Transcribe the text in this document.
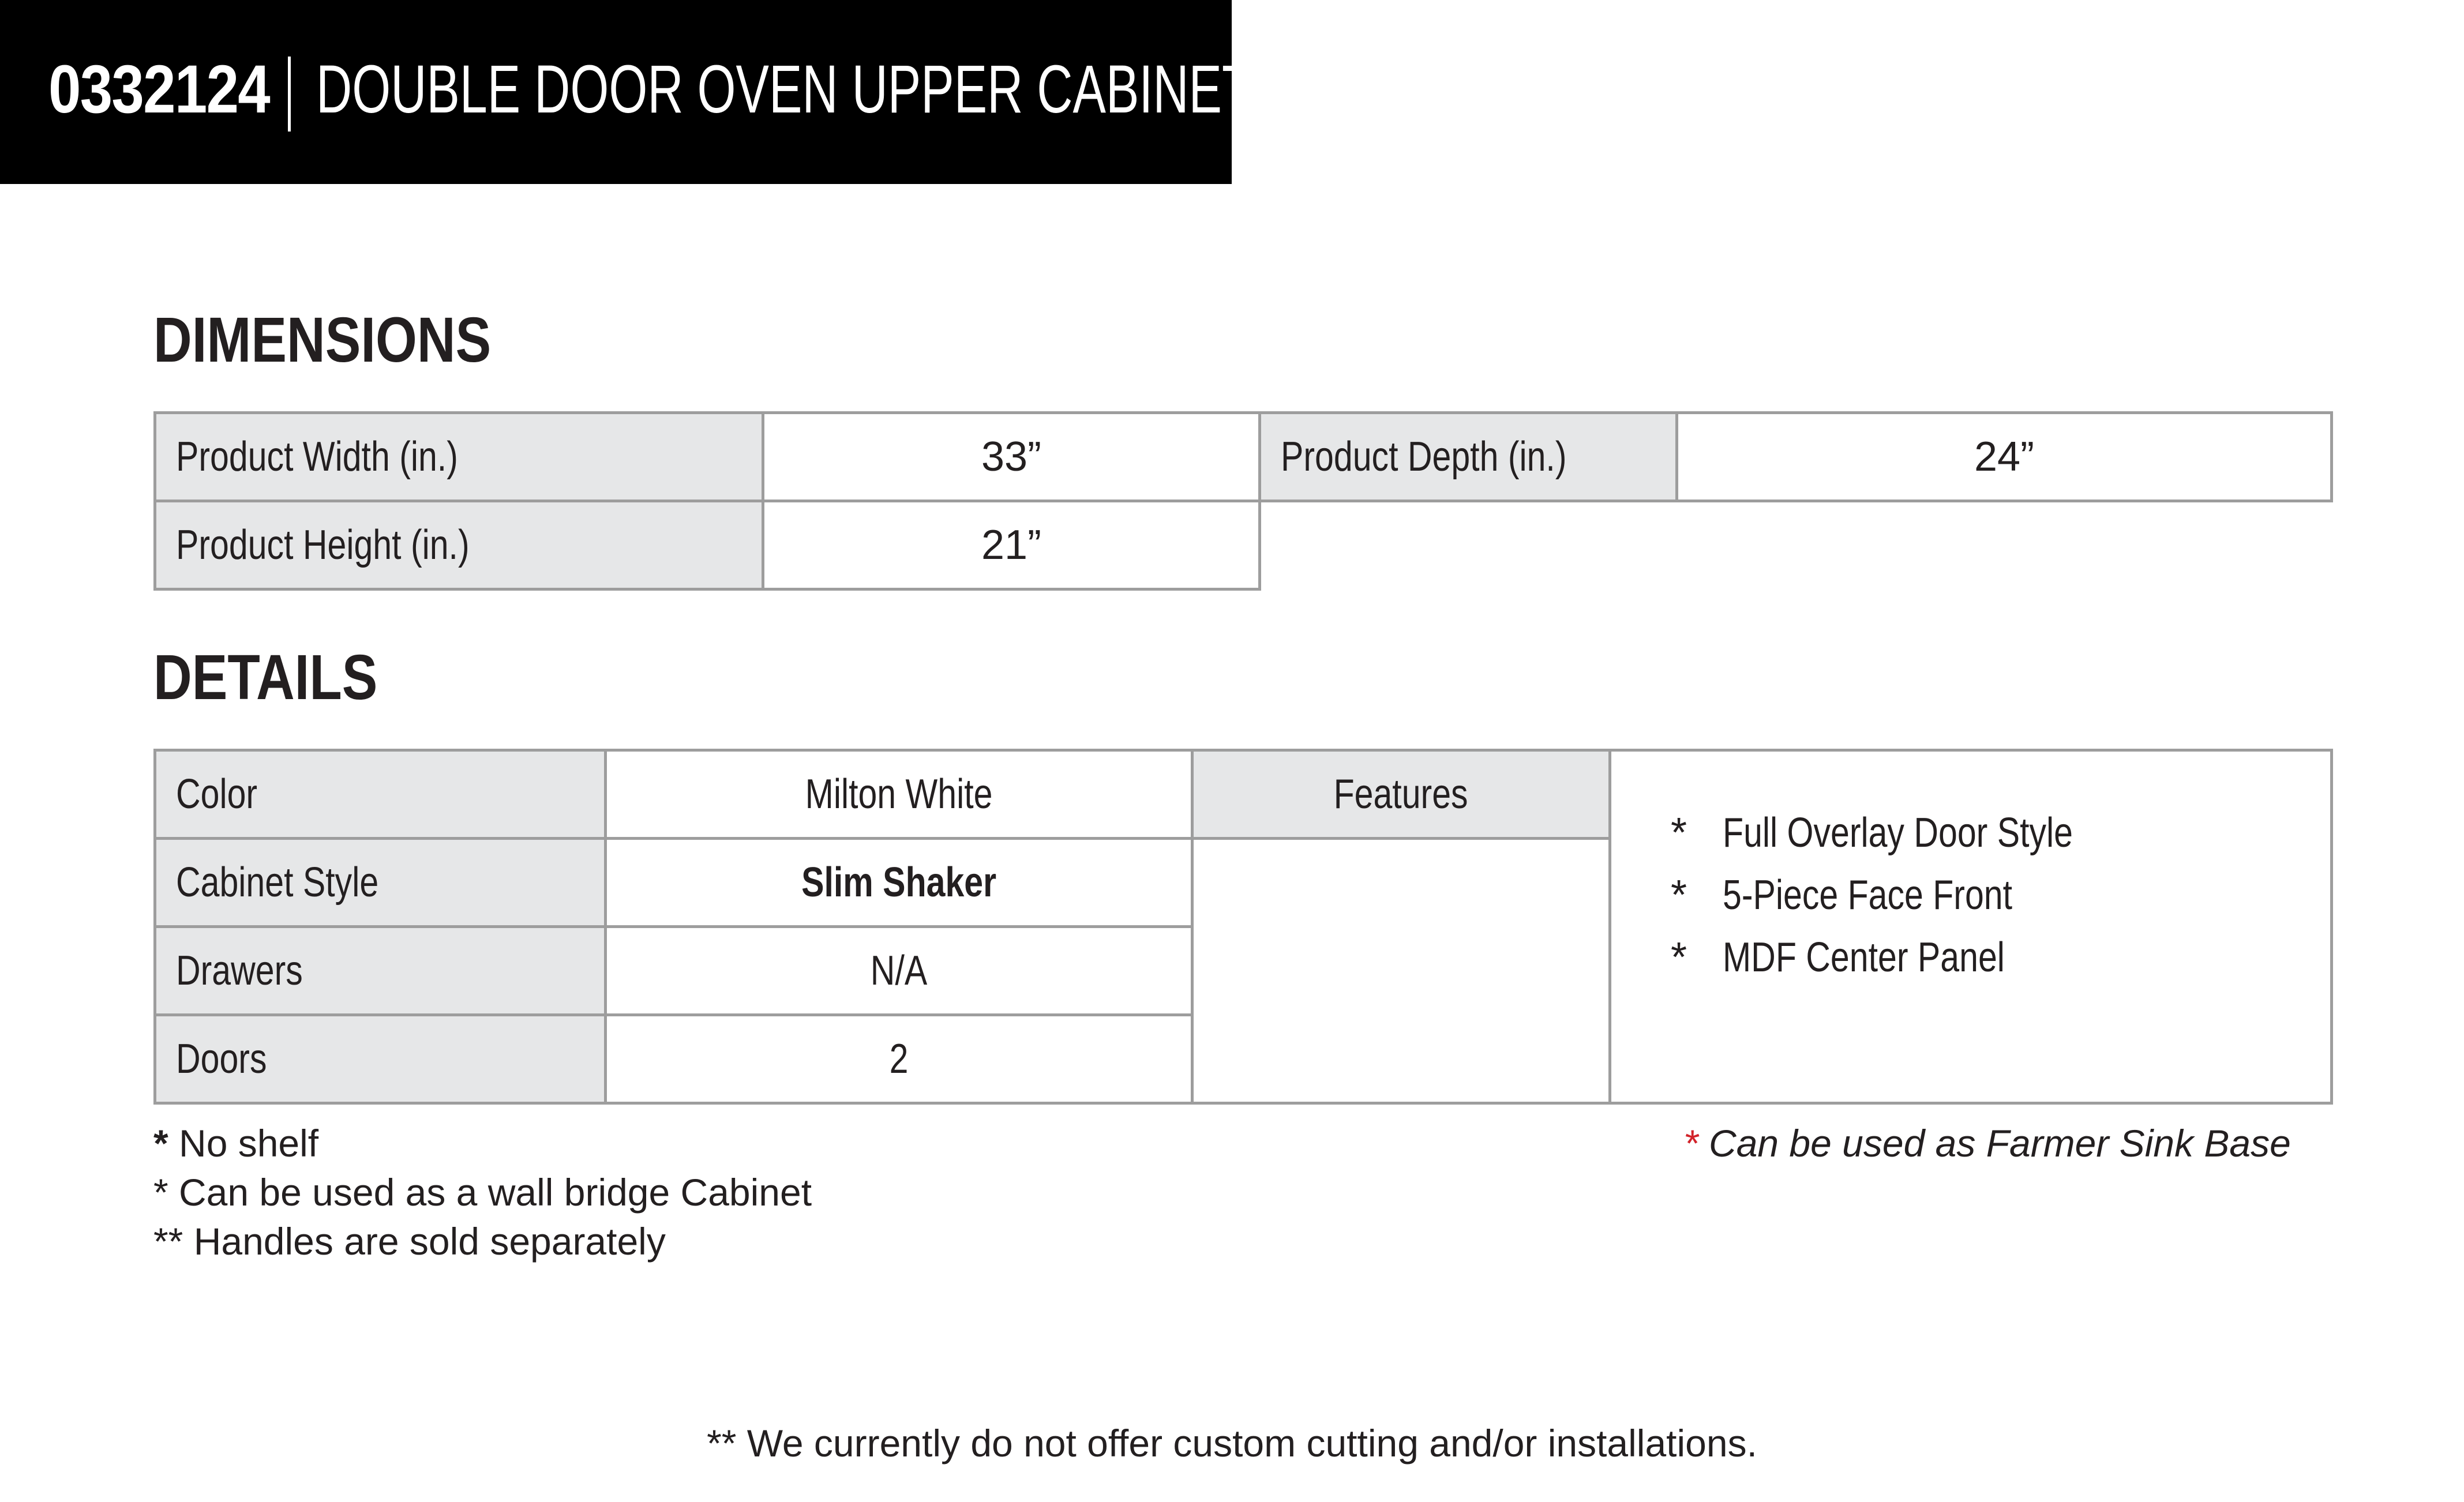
0332124 DOUBLE DOOR OVEN UPPER CABINET
DIMENSIONS
Product Width (in.)	33”	Product Depth (in.)	24”
Product Height (in.)	21”
DETAILS
Color	Milton White	Features
Cabinet Style	Slim Shaker
Drawers	N/A
Doors	2
* Full Overlay Door Style
* 5-Piece Face Front
* MDF Center Panel
* No shelf
* Can be used as a wall bridge Cabinet
** Handles are sold separately
* Can be used as Farmer Sink Base
** We currently do not offer custom cutting and/or installations.
